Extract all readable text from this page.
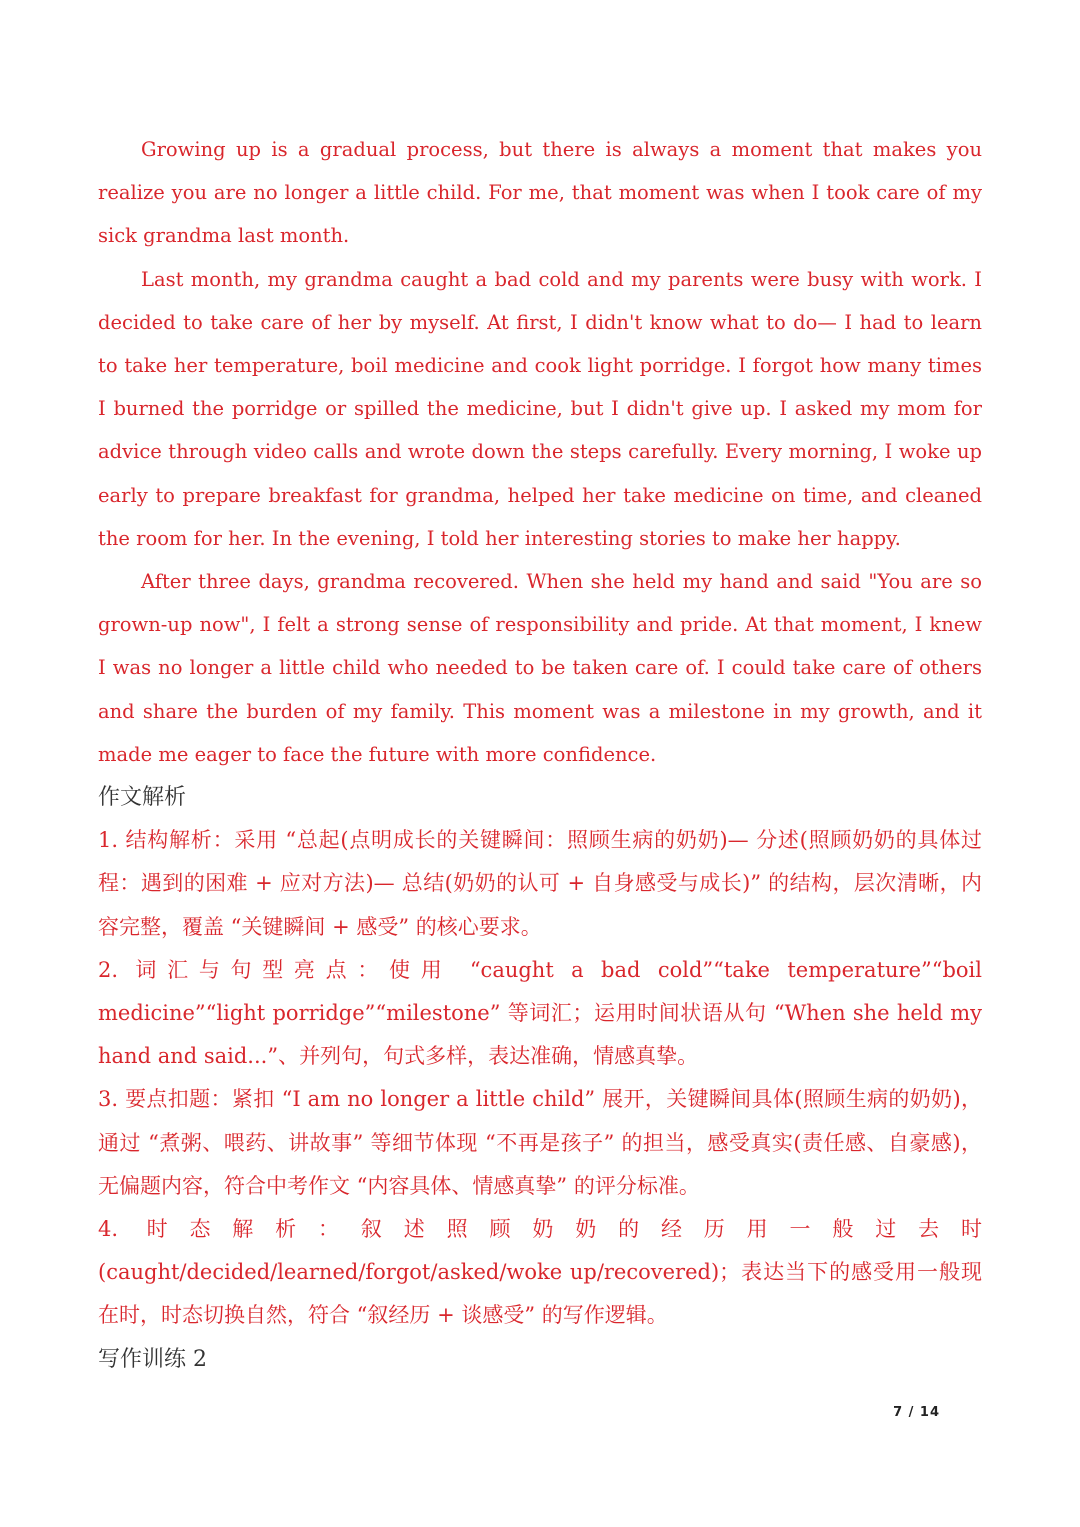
Growing up is a gradual process, but there is always a moment that makes you realize you are no longer a little child. For me, that moment was when I took care of my sick grandma last month.

Last month, my grandma caught a bad cold and my parents were busy with work. I decided to take care of her by myself. At first, I didn't know what to do— I had to learn to take her temperature, boil medicine and cook light porridge. I forgot how many times I burned the porridge or spilled the medicine, but I didn't give up. I asked my mom for advice through video calls and wrote down the steps carefully. Every morning, I woke up early to prepare breakfast for grandma, helped her take medicine on time, and cleaned the room for her. In the evening, I told her interesting stories to make her happy.

After three days, grandma recovered. When she held my hand and said "You are so grown-up now", I felt a strong sense of responsibility and pride. At that moment, I knew I was no longer a little child who needed to be taken care of. I could take care of others and share the burden of my family. This moment was a milestone in my growth, and it made me eager to face the future with more confidence.

作文解析

1. 结构解析：采用 “总起(点明成长的关键瞬间：照顾生病的奶奶)— 分述(照顾奶奶的具体过程：遇到的困难 + 应对方法)— 总结(奶奶的认可 + 自身感受与成长)” 的结构，层次清晰，内容完整，覆盖 “关键瞬间 + 感受” 的核心要求。

2. 词汇与句型亮点：使用 “caught a bad cold”“take temperature”“boil medicine”“light porridge”“milestone” 等词汇；运用时间状语从句 “When she held my hand and said...”、并列句，句式多样，表达准确，情感真挚。

3. 要点扣题：紧扣 “I am no longer a little child” 展开，关键瞬间具体(照顾生病的奶奶)，通过 “煮粥、喂药、讲故事” 等细节体现 “不再是孩子” 的担当，感受真实(责任感、自豪感)，无偏题内容，符合中考作文 “内容具体、情感真挚” 的评分标准。

4. 时态解析：叙述照顾奶奶的经历用一般过去时(caught/decided/learned/forgot/asked/woke up/recovered)；表达当下的感受用一般现在时，时态切换自然，符合 “叙经历 + 谈感受” 的写作逻辑。

写作训练 2

7 / 14
